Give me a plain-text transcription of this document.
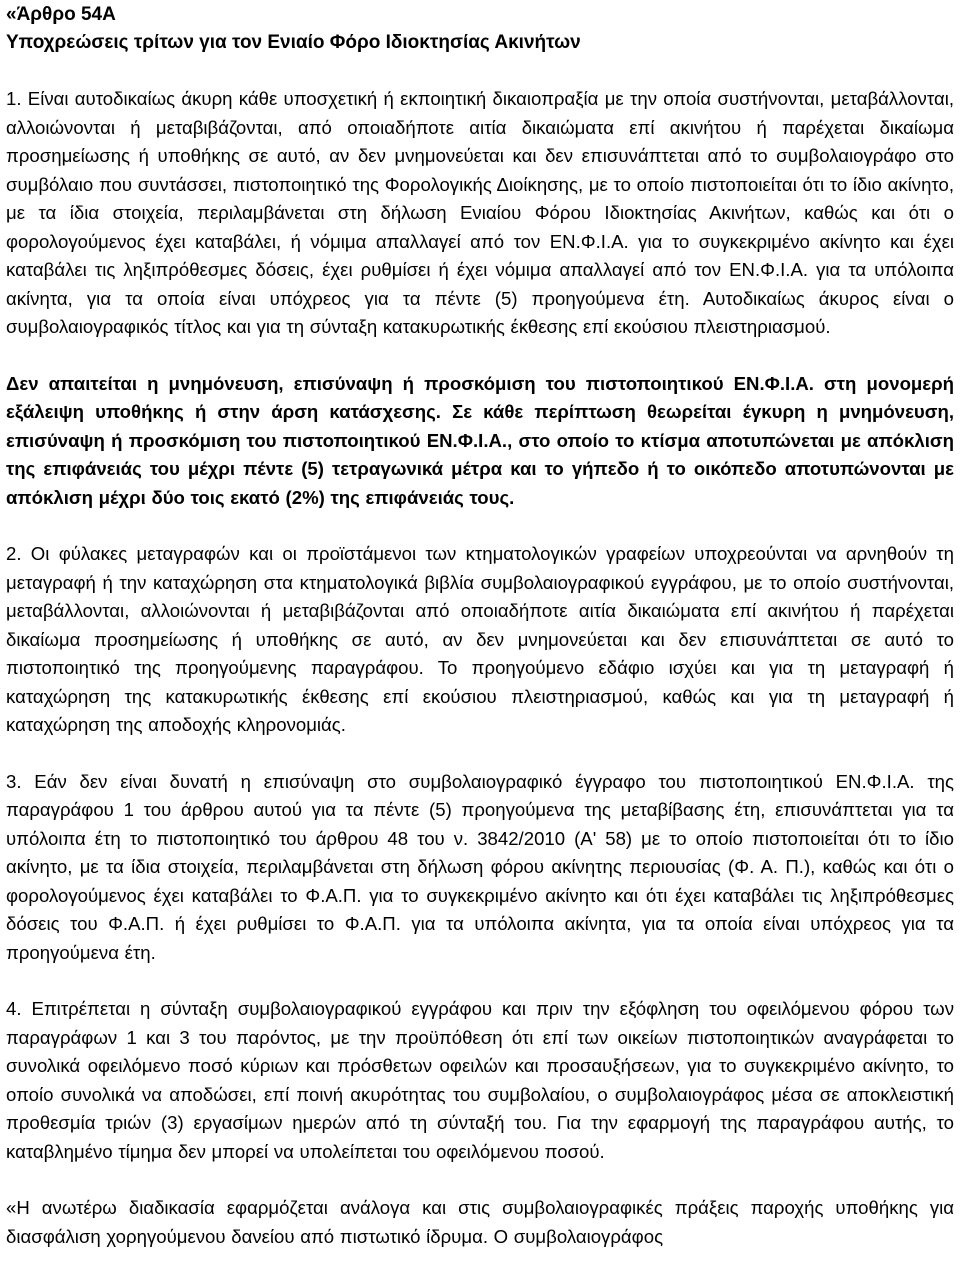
«Άρθρο 54Α
Υποχρεώσεις τρίτων για τον Ενιαίο Φόρο Ιδιοκτησίας Ακινήτων

1. Είναι αυτοδικαίως άκυρη κάθε υποσχετική ή εκποιητική δικαιοπραξία με την οποία συστήνονται, μεταβάλλονται, αλλοιώνονται ή μεταβιβάζονται, από οποιαδήποτε αιτία δικαιώματα επί ακινήτου ή παρέχεται δικαίωμα προσημείωσης ή υποθήκης σε αυτό, αν δεν μνημονεύεται και δεν επισυνάπτεται από το συμβολαιογράφο στο συμβόλαιο που συντάσσει, πιστοποιητικό της Φορολογικής Διοίκησης, με το οποίο πιστοποιείται ότι το ίδιο ακίνητο, με τα ίδια στοιχεία, περιλαμβάνεται στη δήλωση Ενιαίου Φόρου Ιδιοκτησίας Ακινήτων, καθώς και ότι ο φορολογούμενος έχει καταβάλει, ή νόμιμα απαλλαγεί από τον ΕΝ.Φ.Ι.Α. για το συγκεκριμένο ακίνητο και έχει καταβάλει τις ληξιπρόθεσμες δόσεις, έχει ρυθμίσει ή έχει νόμιμα απαλλαγεί από τον ΕΝ.Φ.Ι.Α. για τα υπόλοιπα ακίνητα, για τα οποία είναι υπόχρεος για τα πέντε (5) προηγούμενα έτη. Αυτοδικαίως άκυρος είναι ο συμβολαιογραφικός τίτλος και για τη σύνταξη κατακυρωτικής έκθεσης επί εκούσιου πλειστηριασμού.

Δεν απαιτείται η μνημόνευση, επισύναψη ή προσκόμιση του πιστοποιητικού ΕΝ.Φ.Ι.Α. στη μονομερή εξάλειψη υποθήκης ή στην άρση κατάσχεσης. Σε κάθε περίπτωση θεωρείται έγκυρη η μνημόνευση, επισύναψη ή προσκόμιση του πιστοποιητικού ΕΝ.Φ.Ι.Α., στο οποίο το κτίσμα αποτυπώνεται με απόκλιση της επιφάνειάς του μέχρι πέντε (5) τετραγωνικά μέτρα και το γήπεδο ή το οικόπεδο αποτυπώνονται με απόκλιση μέχρι δύο τοις εκατό (2%) της επιφάνειάς τους.

2. Οι φύλακες μεταγραφών και οι προϊστάμενοι των κτηματολογικών γραφείων υποχρεούνται να αρνηθούν τη μεταγραφή ή την καταχώρηση στα κτηματολογικά βιβλία συμβολαιογραφικού εγγράφου, με το οποίο συστήνονται, μεταβάλλονται, αλλοιώνονται ή μεταβιβάζονται από οποιαδήποτε αιτία δικαιώματα επί ακινήτου ή παρέχεται δικαίωμα προσημείωσης ή υποθήκης σε αυτό, αν δεν μνημονεύεται και δεν επισυνάπτεται σε αυτό το πιστοποιητικό της προηγούμενης παραγράφου. Το προηγούμενο εδάφιο ισχύει και για τη μεταγραφή ή καταχώρηση της κατακυρωτικής έκθεσης επί εκούσιου πλειστηριασμού, καθώς και για τη μεταγραφή ή καταχώρηση της αποδοχής κληρονομιάς.

3. Εάν δεν είναι δυνατή η επισύναψη στο συμβολαιογραφικό έγγραφο του πιστοποιητικού ΕΝ.Φ.Ι.Α. της παραγράφου 1 του άρθρου αυτού για τα πέντε (5) προηγούμενα της μεταβίβασης έτη, επισυνάπτεται για τα υπόλοιπα έτη το πιστοποιητικό του άρθρου 48 του ν. 3842/2010 (Α' 58) με το οποίο πιστοποιείται ότι το ίδιο ακίνητο, με τα ίδια στοιχεία, περιλαμβάνεται στη δήλωση φόρου ακίνητης περιουσίας (Φ. Α. Π.), καθώς και ότι ο φορολογούμενος έχει καταβάλει το Φ.Α.Π. για το συγκεκριμένο ακίνητο και ότι έχει καταβάλει τις ληξιπρόθεσμες δόσεις του Φ.Α.Π. ή έχει ρυθμίσει το Φ.Α.Π. για τα υπόλοιπα ακίνητα, για τα οποία είναι υπόχρεος για τα προηγούμενα έτη.

4. Επιτρέπεται η σύνταξη συμβολαιογραφικού εγγράφου και πριν την εξόφληση του οφειλόμενου φόρου των παραγράφων 1 και 3 του παρόντος, με την προϋπόθεση ότι επί των οικείων πιστοποιητικών αναγράφεται το συνολικά οφειλόμενο ποσό κύριων και πρόσθετων οφειλών και προσαυξήσεων, για το συγκεκριμένο ακίνητο, το οποίο συνολικά να αποδώσει, επί ποινή ακυρότητας του συμβολαίου, ο συμβολαιογράφος μέσα σε αποκλειστική προθεσμία τριών (3) εργασίμων ημερών από τη σύνταξή του. Για την εφαρμογή της παραγράφου αυτής, το καταβλημένο τίμημα δεν μπορεί να υπολείπεται του οφειλόμενου ποσού.

«Η ανωτέρω διαδικασία εφαρμόζεται ανάλογα και στις συμβολαιογραφικές πράξεις παροχής υποθήκης για διασφάλιση χορηγούμενου δανείου από πιστωτικό ίδρυμα. Ο συμβολαιογράφος
